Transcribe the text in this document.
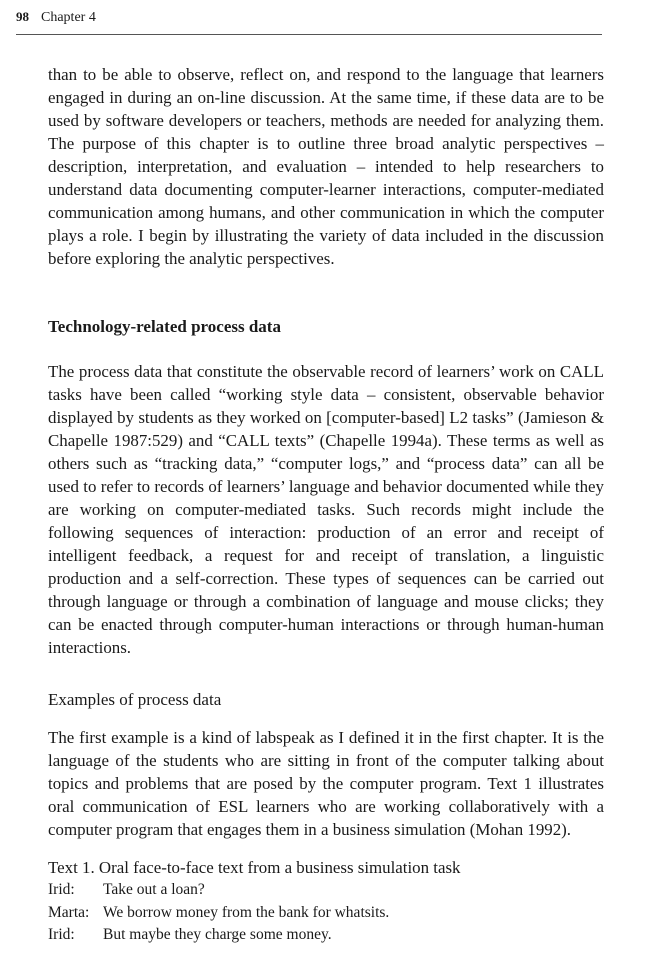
98 Chapter 4

than to be able to observe, reflect on, and respond to the language that learners engaged in during an on-line discussion. At the same time, if these data are to be used by software developers or teachers, methods are needed for analyzing them. The purpose of this chapter is to outline three broad analytic perspectives – description, interpretation, and evaluation – intended to help researchers to understand data documenting computer-learner interactions, computer-mediated communication among humans, and other communication in which the computer plays a role. I begin by illustrating the variety of data included in the discussion before exploring the analytic perspectives.

Technology-related process data

The process data that constitute the observable record of learners’ work on CALL tasks have been called “working style data – consistent, observable behavior displayed by students as they worked on [computer-based] L2 tasks” (Jamieson & Chapelle 1987:529) and “CALL texts” (Chapelle 1994a). These terms as well as others such as “tracking data,” “computer logs,” and “process data” can all be used to refer to records of learners’ language and behavior documented while they are working on computer-mediated tasks. Such records might include the following sequences of interaction: production of an error and receipt of intelligent feedback, a request for and receipt of translation, a linguistic production and a self-correction. These types of sequences can be carried out through language or through a combination of language and mouse clicks; they can be enacted through computer-human interactions or through human-human interactions.

Examples of process data

The first example is a kind of labspeak as I defined it in the first chapter. It is the language of the students who are sitting in front of the computer talking about topics and problems that are posed by the computer program. Text 1 illustrates oral communication of ESL learners who are working collaboratively with a computer program that engages them in a business simulation (Mohan 1992).

Text 1. Oral face-to-face text from a business simulation task
Irid:	Take out a loan?
Marta: We borrow money from the bank for whatsits.
Irid:	But maybe they charge some money.
